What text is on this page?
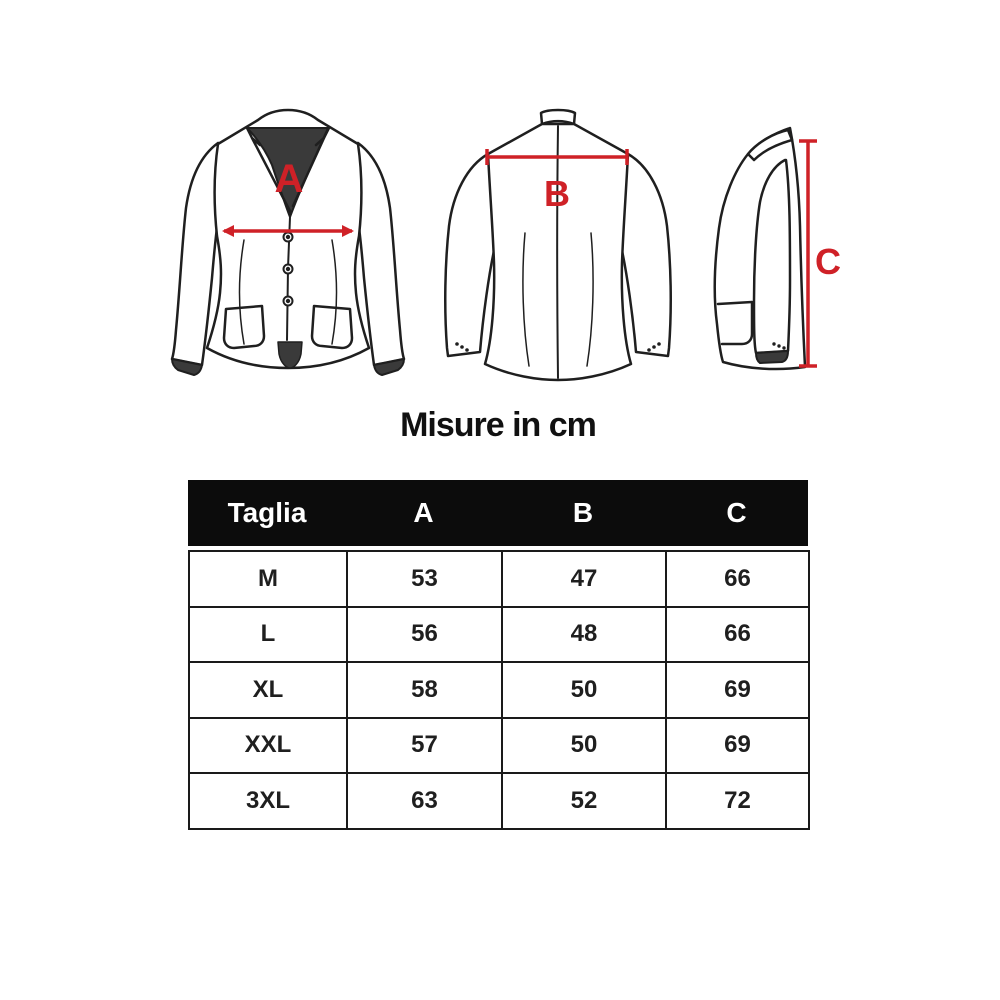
A	B
C
Misure in cm
Taglia	A	B	C
M	53	47	66
L	56	48	66
XL	58	50	69
XXL	57	50	69
3XL	63	52	72
